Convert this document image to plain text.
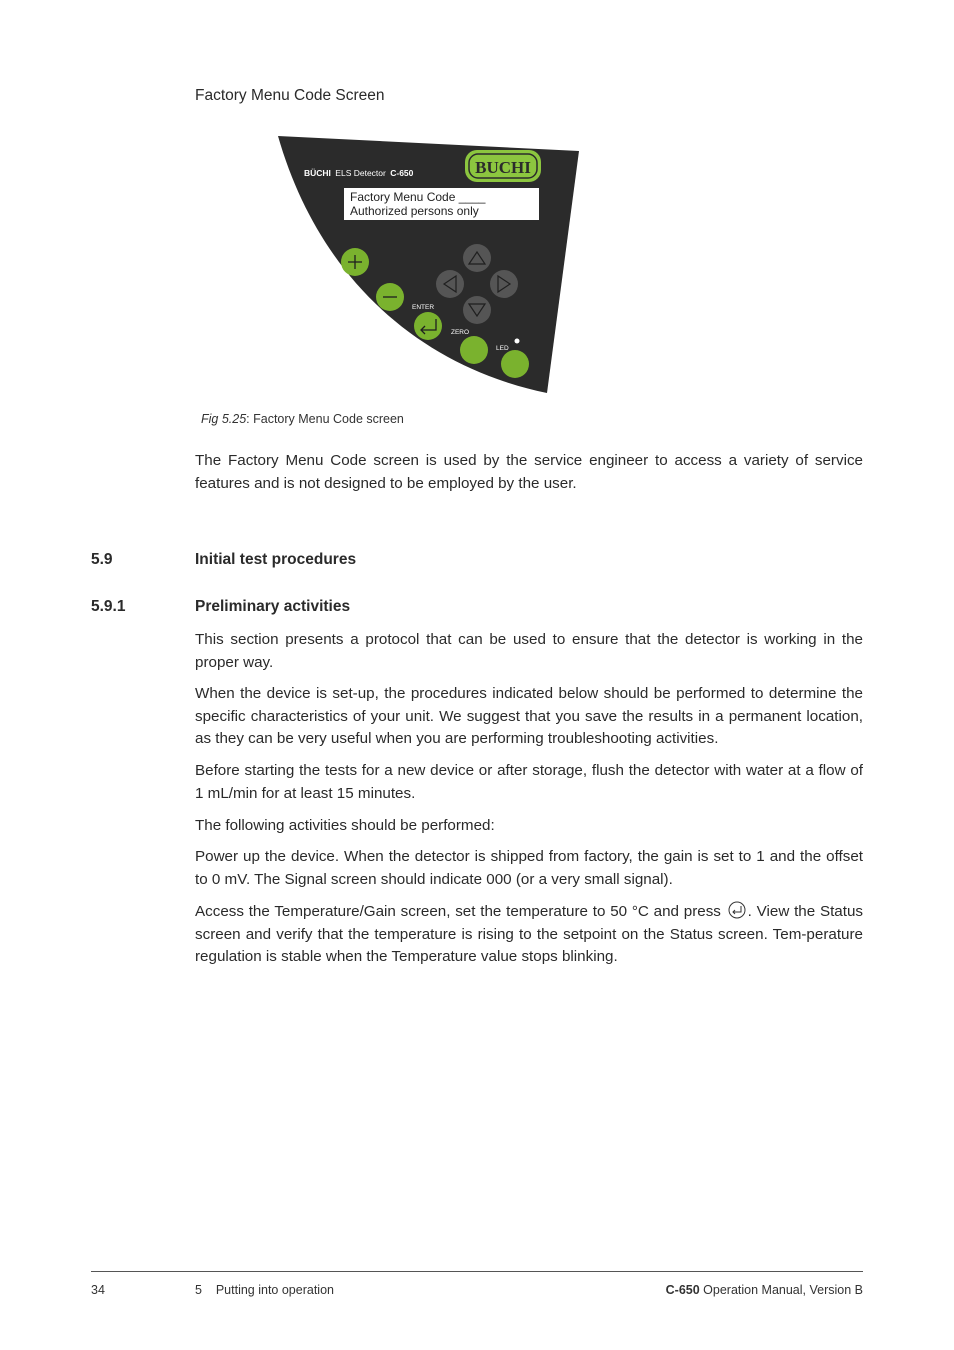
Factory Menu Code Screen
BÜCHI ELS Detector C-650	BUCHI
Factory Menu Code ____
Authorized persons only
ENTER
ZERO
LED
Fig 5.25: Factory Menu Code screen

The Factory Menu Code screen is used by the service engineer to access a variety of service features and is not designed to be employed by the user.

5.9	Initial test procedures
5.9.1	Preliminary activities

This section presents a protocol that can be used to ensure that the detector is working in the proper way.

When the device is set-up, the procedures indicated below should be performed to determine the specific characteristics of your unit. We suggest that you save the results in a permanent location, as they can be very useful when you are performing troubleshooting activities.

Before starting the tests for a new device or after storage, flush the detector with water at a flow of 1 mL/min for at least 15 minutes.

The following activities should be performed:

Power up the device. When the detector is shipped from factory, the gain is set to 1 and the offset to 0 mV. The Signal screen should indicate 000 (or a very small signal).

Access the Temperature/Gain screen, set the temperature to 50 °C and press . View the Status screen and verify that the temperature is rising to the setpoint on the Status screen. Tem-perature regulation is stable when the Temperature value stops blinking.

34	5    Putting into operation	C-650 Operation Manual, Version B
